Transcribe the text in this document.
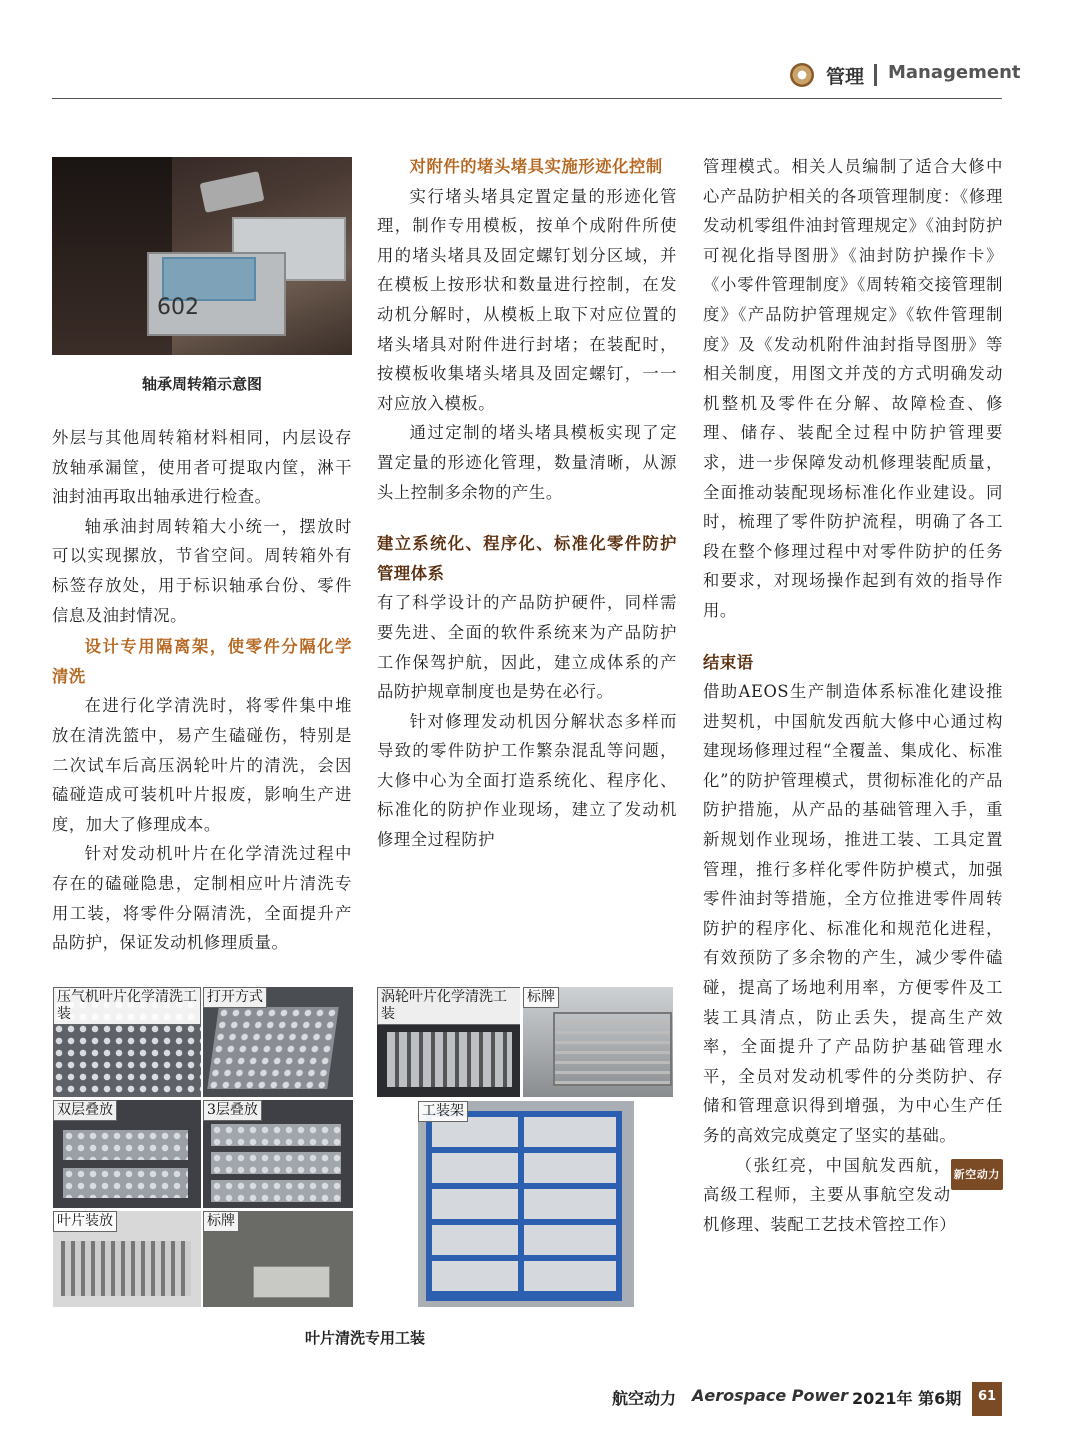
管理 Management
602
轴承周转箱示意图

外层与其他周转箱材料相同，内层设存放轴承漏筐，使用者可提取内筐，淋干油封油再取出轴承进行检查。

轴承油封周转箱大小统一，摆放时可以实现摞放，节省空间。周转箱外有标签存放处，用于标识轴承台份、零件信息及油封情况。

设计专用隔离架，使零件分隔化学清洗

在进行化学清洗时，将零件集中堆放在清洗篮中，易产生磕碰伤，特别是二次试车后高压涡轮叶片的清洗，会因磕碰造成可装机叶片报废，影响生产进度，加大了修理成本。

针对发动机叶片在化学清洗过程中存在的磕碰隐患，定制相应叶片清洗专用工装，将零件分隔清洗，全面提升产品防护，保证发动机修理质量。

对附件的堵头堵具实施形迹化控制

实行堵头堵具定置定量的形迹化管理，制作专用模板，按单个成附件所使用的堵头堵具及固定螺钉划分区域，并在模板上按形状和数量进行控制，在发动机分解时，从模板上取下对应位置的堵头堵具对附件进行封堵；在装配时，按模板收集堵头堵具及固定螺钉，一一对应放入模板。

通过定制的堵头堵具模板实现了定置定量的形迹化管理，数量清晰，从源头上控制多余物的产生。

建立系统化、程序化、标准化零件防护管理体系

有了科学设计的产品防护硬件，同样需要先进、全面的软件系统来为产品防护工作保驾护航，因此，建立成体系的产品防护规章制度也是势在必行。

针对修理发动机因分解状态多样而导致的零件防护工作繁杂混乱等问题，大修中心为全面打造系统化、程序化、标准化的防护作业现场，建立了发动机修理全过程防护

管理模式。相关人员编制了适合大修中心产品防护相关的各项管理制度：《修理发动机零组件油封管理规定》《油封防护可视化指导图册》《油封防护操作卡》《小零件管理制度》《周转箱交接管理制度》《产品防护管理规定》《软件管理制度》及《发动机附件油封指导图册》等相关制度，用图文并茂的方式明确发动机整机及零件在分解、故障检查、修理、储存、装配全过程中防护管理要求，进一步保障发动机修理装配质量，全面推动装配现场标准化作业建设。同时，梳理了零件防护流程，明确了各工段在整个修理过程中对零件防护的任务和要求，对现场操作起到有效的指导作用。

结束语

借助AEOS生产制造体系标准化建设推进契机，中国航发西航大修中心通过构建现场修理过程“全覆盖、集成化、标准化”的防护管理模式，贯彻标准化的产品防护措施，从产品的基础管理入手，重新规划作业现场，推进工装、工具定置管理，推行多样化零件防护模式，加强零件油封等措施，全方位推进零件周转防护的程序化、标准化和规范化进程，有效预防了多余物的产生，减少零件磕碰，提高了场地利用率，方便零件及工装工具清点，防止丢失，提高生产效率，全面提升了产品防护基础管理水平，全员对发动机零件的分类防护、存储和管理意识得到增强，为中心生产任务的高效完成奠定了坚实的基础。
新空动力

（张红亮，中国航发西航，高级工程师，主要从事航空发动机修理、装配工艺技术管控工作）

压气机叶片化学清洗工装
打开方式
双层叠放	3层叠放
叶片装放	标牌
涡轮叶片化学清洗工装
标牌
工装架
叶片清洗专用工装
航空动力 Aerospace Power 2021年 第6期	61
